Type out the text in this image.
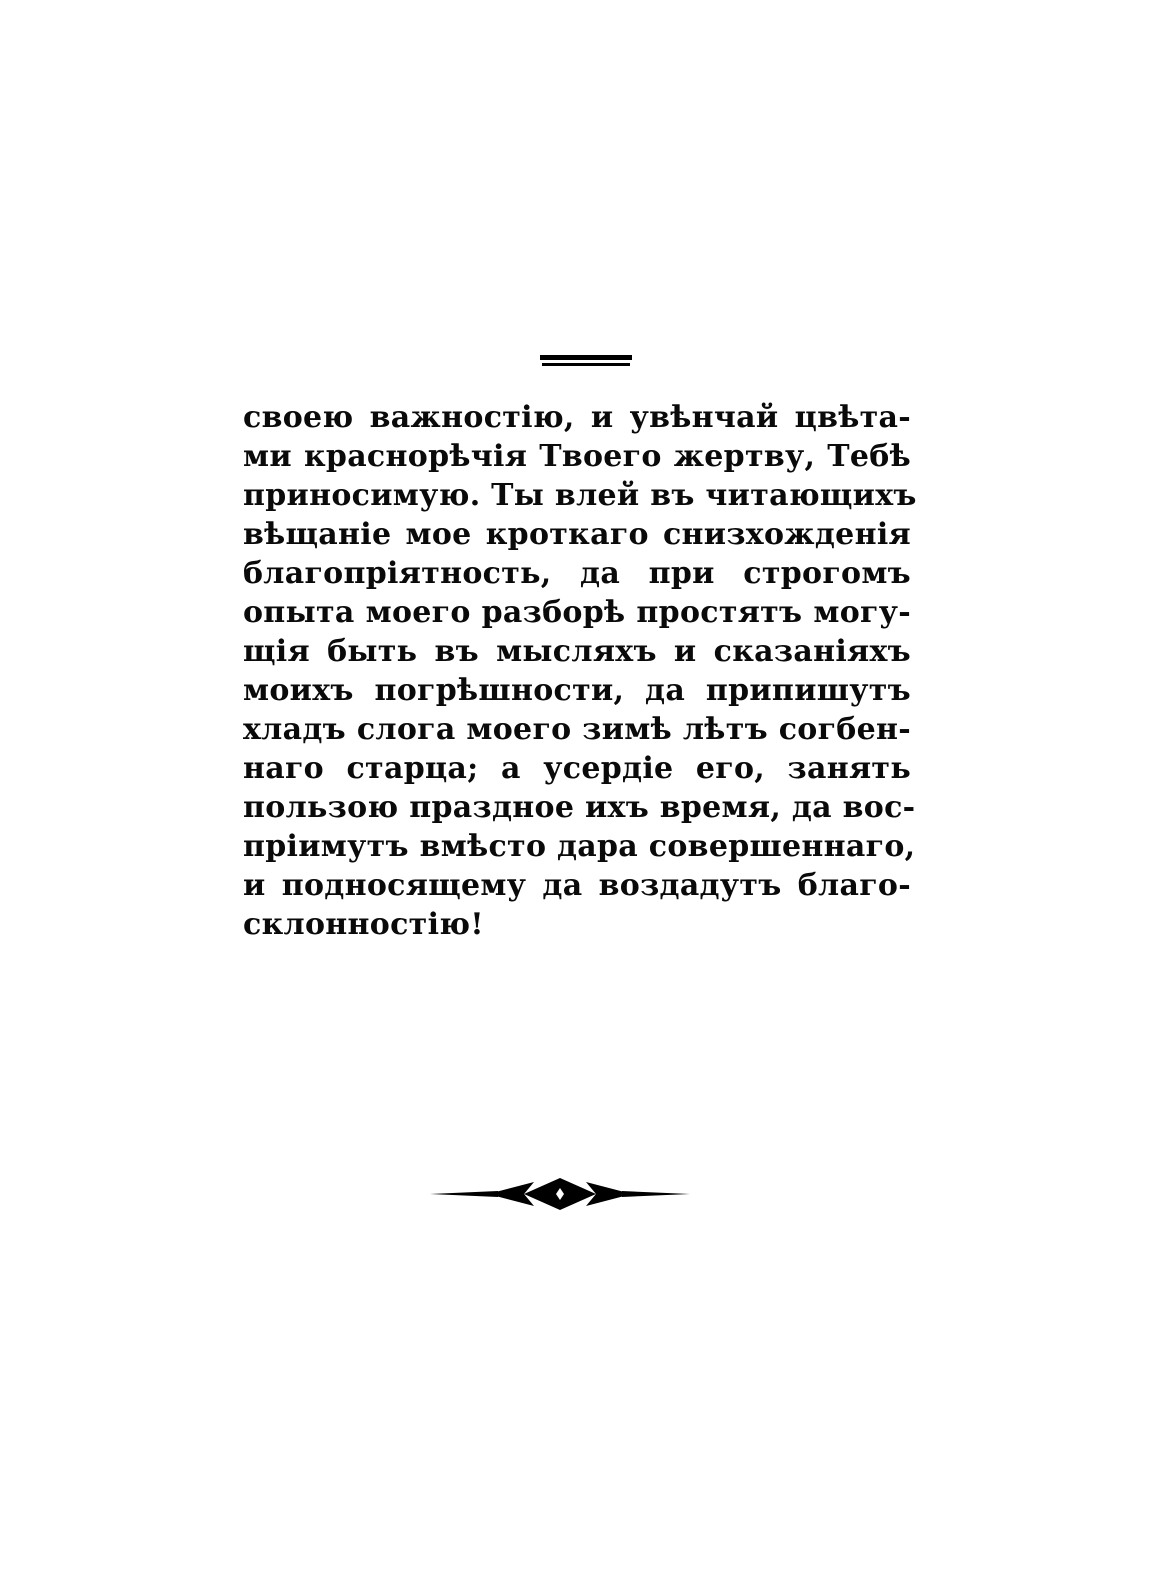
своею важностію, и увѣнчай цвѣта-
ми краснорѣчія Твоего жертву, Тебѣ
приносимую. Ты влей въ читающихъ
вѣщаніе мое кроткаго снизхожденія
благопріятность, да при строгомъ
опыта моего разборѣ простятъ могу-
щія быть въ мысляхъ и сказаніяхъ
моихъ погрѣшности, да припишутъ
хладъ слога моего зимѣ лѣтъ согбен-
наго старца; а усердіе его, занять
пользою праздное ихъ время, да вос-
пріимутъ вмѣсто дара совершеннаго,
и подносящему да воздадутъ благо-
склонностію!
